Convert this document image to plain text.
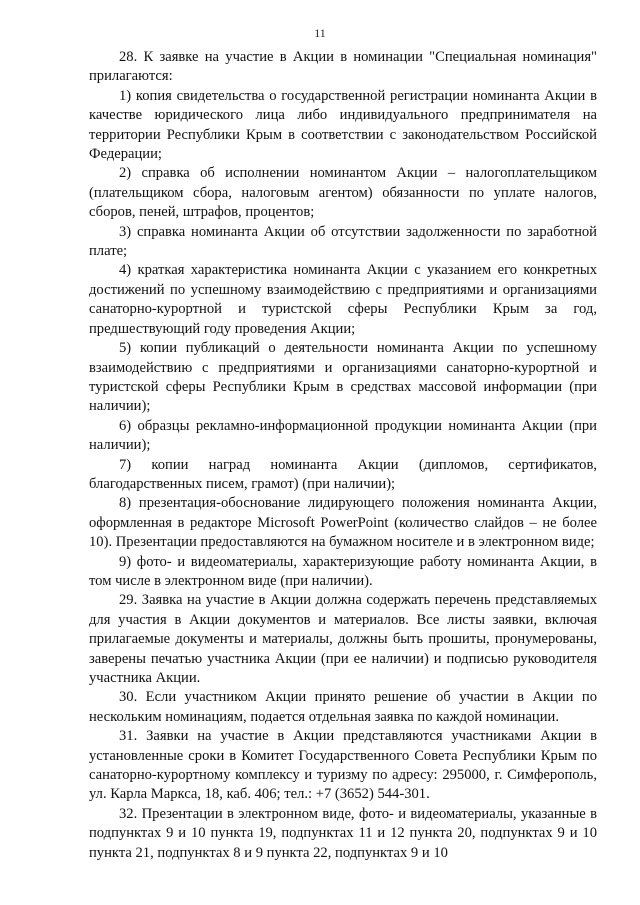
11

28. К заявке на участие в Акции в номинации "Специальная номинация" прилагаются:

1) копия свидетельства о государственной регистрации номинанта Акции в качестве юридического лица либо индивидуального предпринимателя на территории Республики Крым в соответствии с законодательством Российской Федерации;

2) справка об исполнении номинантом Акции – налогоплательщиком (плательщиком сбора, налоговым агентом) обязанности по уплате налогов, сборов, пеней, штрафов, процентов;

3) справка номинанта Акции об отсутствии задолженности по заработной плате;

4) краткая характеристика номинанта Акции с указанием его конкретных достижений по успешному взаимодействию с предприятиями и организациями санаторно-курортной и туристской сферы Республики Крым за год, предшествующий году проведения Акции;

5) копии публикаций о деятельности номинанта Акции по успешному взаимодействию с предприятиями и организациями санаторно-курортной и туристской сферы Республики Крым в средствах массовой информации (при наличии);

6) образцы рекламно-информационной продукции номинанта Акции (при наличии);

7) копии наград номинанта Акции (дипломов, сертификатов, благодарственных писем, грамот) (при наличии);

8) презентация-обоснование лидирующего положения номинанта Акции, оформленная в редакторе Microsoft PowerPoint (количество слайдов – не более 10). Презентации предоставляются на бумажном носителе и в электронном виде;

9) фото- и видеоматериалы, характеризующие работу номинанта Акции, в том числе в электронном виде (при наличии).

29. Заявка на участие в Акции должна содержать перечень представляемых для участия в Акции документов и материалов. Все листы заявки, включая прилагаемые документы и материалы, должны быть прошиты, пронумерованы, заверены печатью участника Акции (при ее наличии) и подписью руководителя участника Акции.

30. Если участником Акции принято решение об участии в Акции по нескольким номинациям, подается отдельная заявка по каждой номинации.

31. Заявки на участие в Акции представляются участниками Акции в установленные сроки в Комитет Государственного Совета Республики Крым по санаторно-курортному комплексу и туризму по адресу: 295000, г. Симферополь, ул. Карла Маркса, 18, каб. 406; тел.: +7 (3652) 544-301.

32. Презентации в электронном виде, фото- и видеоматериалы, указанные в подпунктах 9 и 10 пункта 19, подпунктах 11 и 12 пункта 20, подпунктах 9 и 10 пункта 21, подпунктах 8 и 9 пункта 22, подпунктах 9 и 10
